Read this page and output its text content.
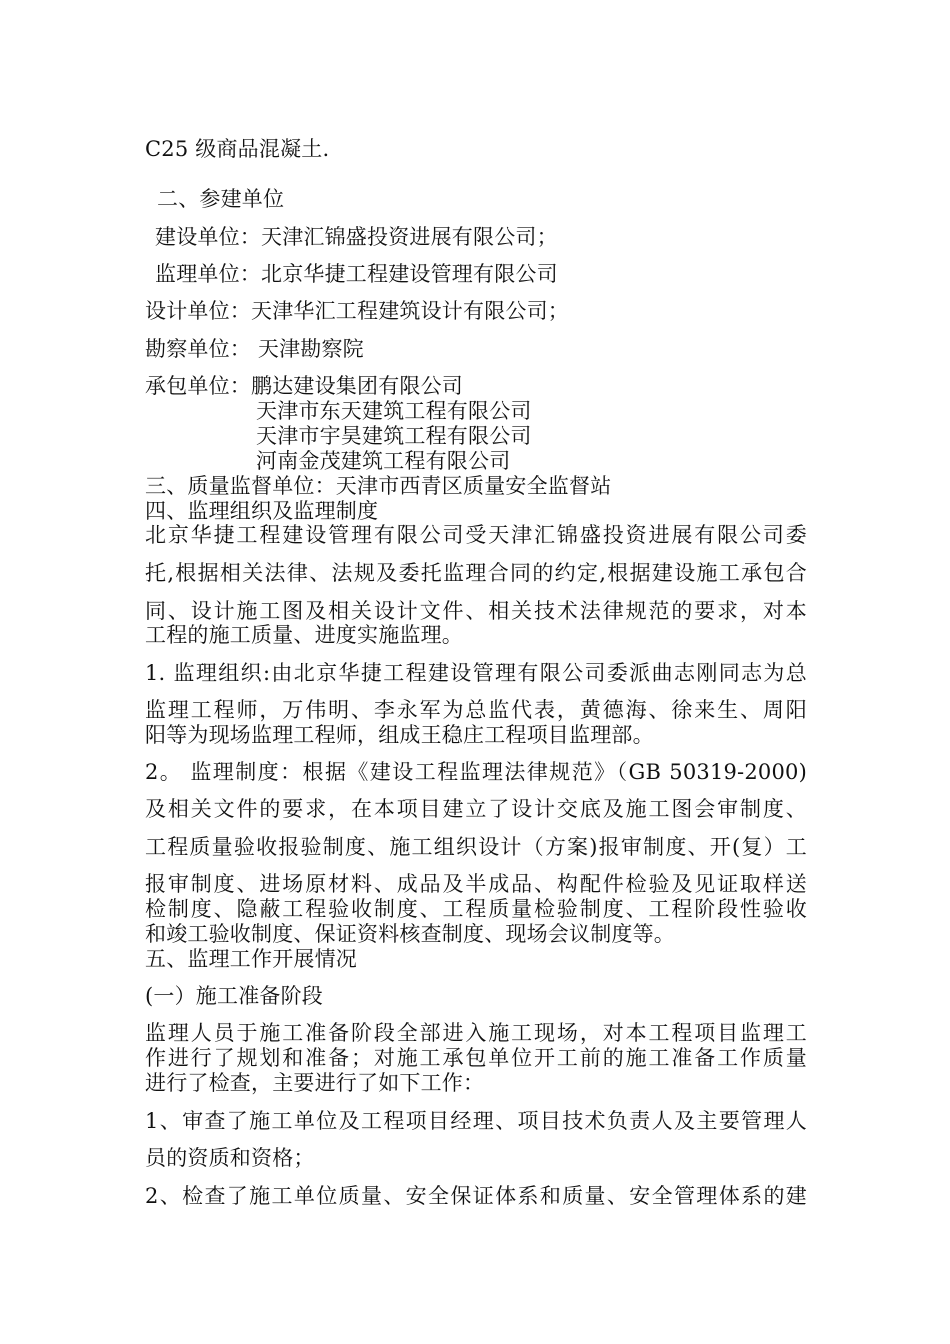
C25 级商品混凝土.
二、参建单位
建设单位：天津汇锦盛投资进展有限公司；
监理单位：北京华捷工程建设管理有限公司
设计单位：天津华汇工程建筑设计有限公司；
勘察单位： 天津勘察院
承包单位：鹏达建设集团有限公司
天津市东天建筑工程有限公司
天津市宇昊建筑工程有限公司
河南金茂建筑工程有限公司
三、质量监督单位：天津市西青区质量安全监督站
四、监理组织及监理制度
北京华捷工程建设管理有限公司受天津汇锦盛投资进展有限公司委
托,根据相关法律、法规及委托监理合同的约定,根据建设施工承包合
同、设计施工图及相关设计文件、相关技术法律规范的要求，对本
工程的施工质量、进度实施监理。
1. 监理组织:由北京华捷工程建设管理有限公司委派曲志刚同志为总
监理工程师，万伟明、李永军为总监代表，黄德海、徐来生、周阳
阳等为现场监理工程师，组成王稳庄工程项目监理部。
2。 监理制度：根据《建设工程监理法律规范》（GB 50319-2000)
及相关文件的要求，在本项目建立了设计交底及施工图会审制度、
工程质量验收报验制度、施工组织设计（方案)报审制度、开(复）工
报审制度、进场原材料、成品及半成品、构配件检验及见证取样送
检制度、隐蔽工程验收制度、工程质量检验制度、工程阶段性验收
和竣工验收制度、保证资料核查制度、现场会议制度等。
五、监理工作开展情况
(一）施工准备阶段
监理人员于施工准备阶段全部进入施工现场，对本工程项目监理工
作进行了规划和准备；对施工承包单位开工前的施工准备工作质量
进行了检查，主要进行了如下工作：
1、审查了施工单位及工程项目经理、项目技术负责人及主要管理人
员的资质和资格；
2、检查了施工单位质量、安全保证体系和质量、安全管理体系的建
